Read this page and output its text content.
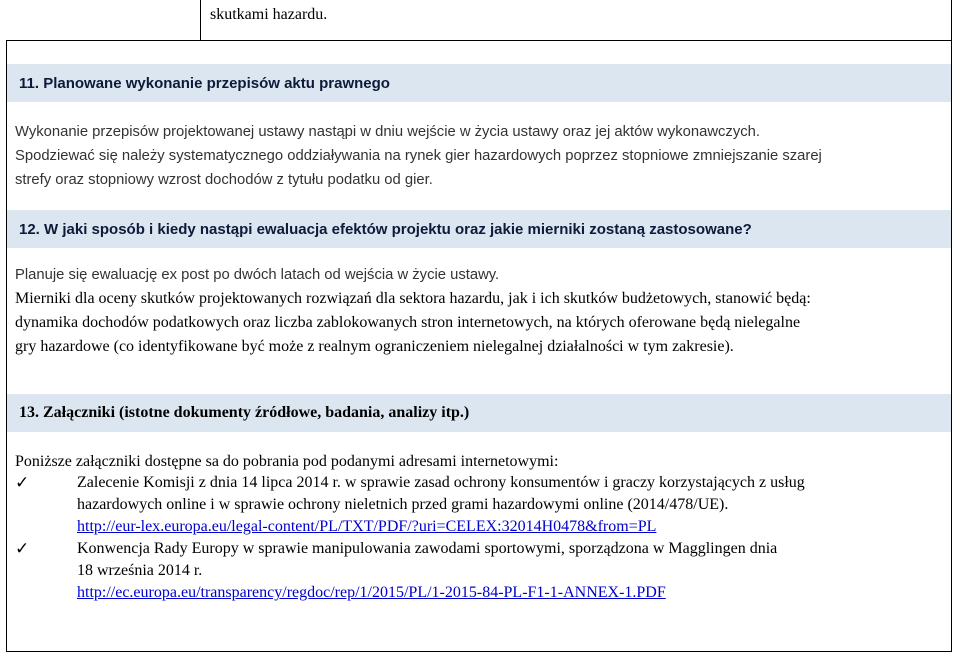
skutkami hazardu.
11. Planowane wykonanie przepisów aktu prawnego
Wykonanie przepisów projektowanej ustawy nastąpi w dniu wejście w życia ustawy oraz jej aktów wykonawczych.
Spodziewać się należy systematycznego oddziaływania na rynek gier hazardowych poprzez stopniowe zmniejszanie szarej
strefy oraz stopniowy wzrost dochodów z tytułu podatku od gier.
12. W jaki sposób i kiedy nastąpi ewaluacja efektów projektu oraz jakie mierniki zostaną zastosowane?
Planuje się ewaluację ex post po dwóch latach od wejścia w życie ustawy.
Mierniki dla oceny skutków projektowanych rozwiązań dla sektora hazardu, jak i ich skutków budżetowych, stanowić będą:
dynamika dochodów podatkowych oraz liczba zablokowanych stron internetowych, na których oferowane będą nielegalne
gry hazardowe (co identyfikowane być może z realnym ograniczeniem nielegalnej działalności w tym zakresie).
13. Załączniki (istotne dokumenty źródłowe, badania, analizy itp.)
Poniższe załączniki dostępne sa do pobrania pod podanymi adresami internetowymi:
✓	Zalecenie Komisji z dnia 14 lipca 2014 r. w sprawie zasad ochrony konsumentów i graczy korzystających z usług
hazardowych online i w sprawie ochrony nieletnich przed grami hazardowymi online (2014/478/UE).
http://eur-lex.europa.eu/legal-content/PL/TXT/PDF/?uri=CELEX:32014H0478&from=PL
✓	Konwencja Rady Europy w sprawie manipulowania zawodami sportowymi, sporządzona w Magglingen dnia
18 września 2014 r.
http://ec.europa.eu/transparency/regdoc/rep/1/2015/PL/1-2015-84-PL-F1-1-ANNEX-1.PDF
